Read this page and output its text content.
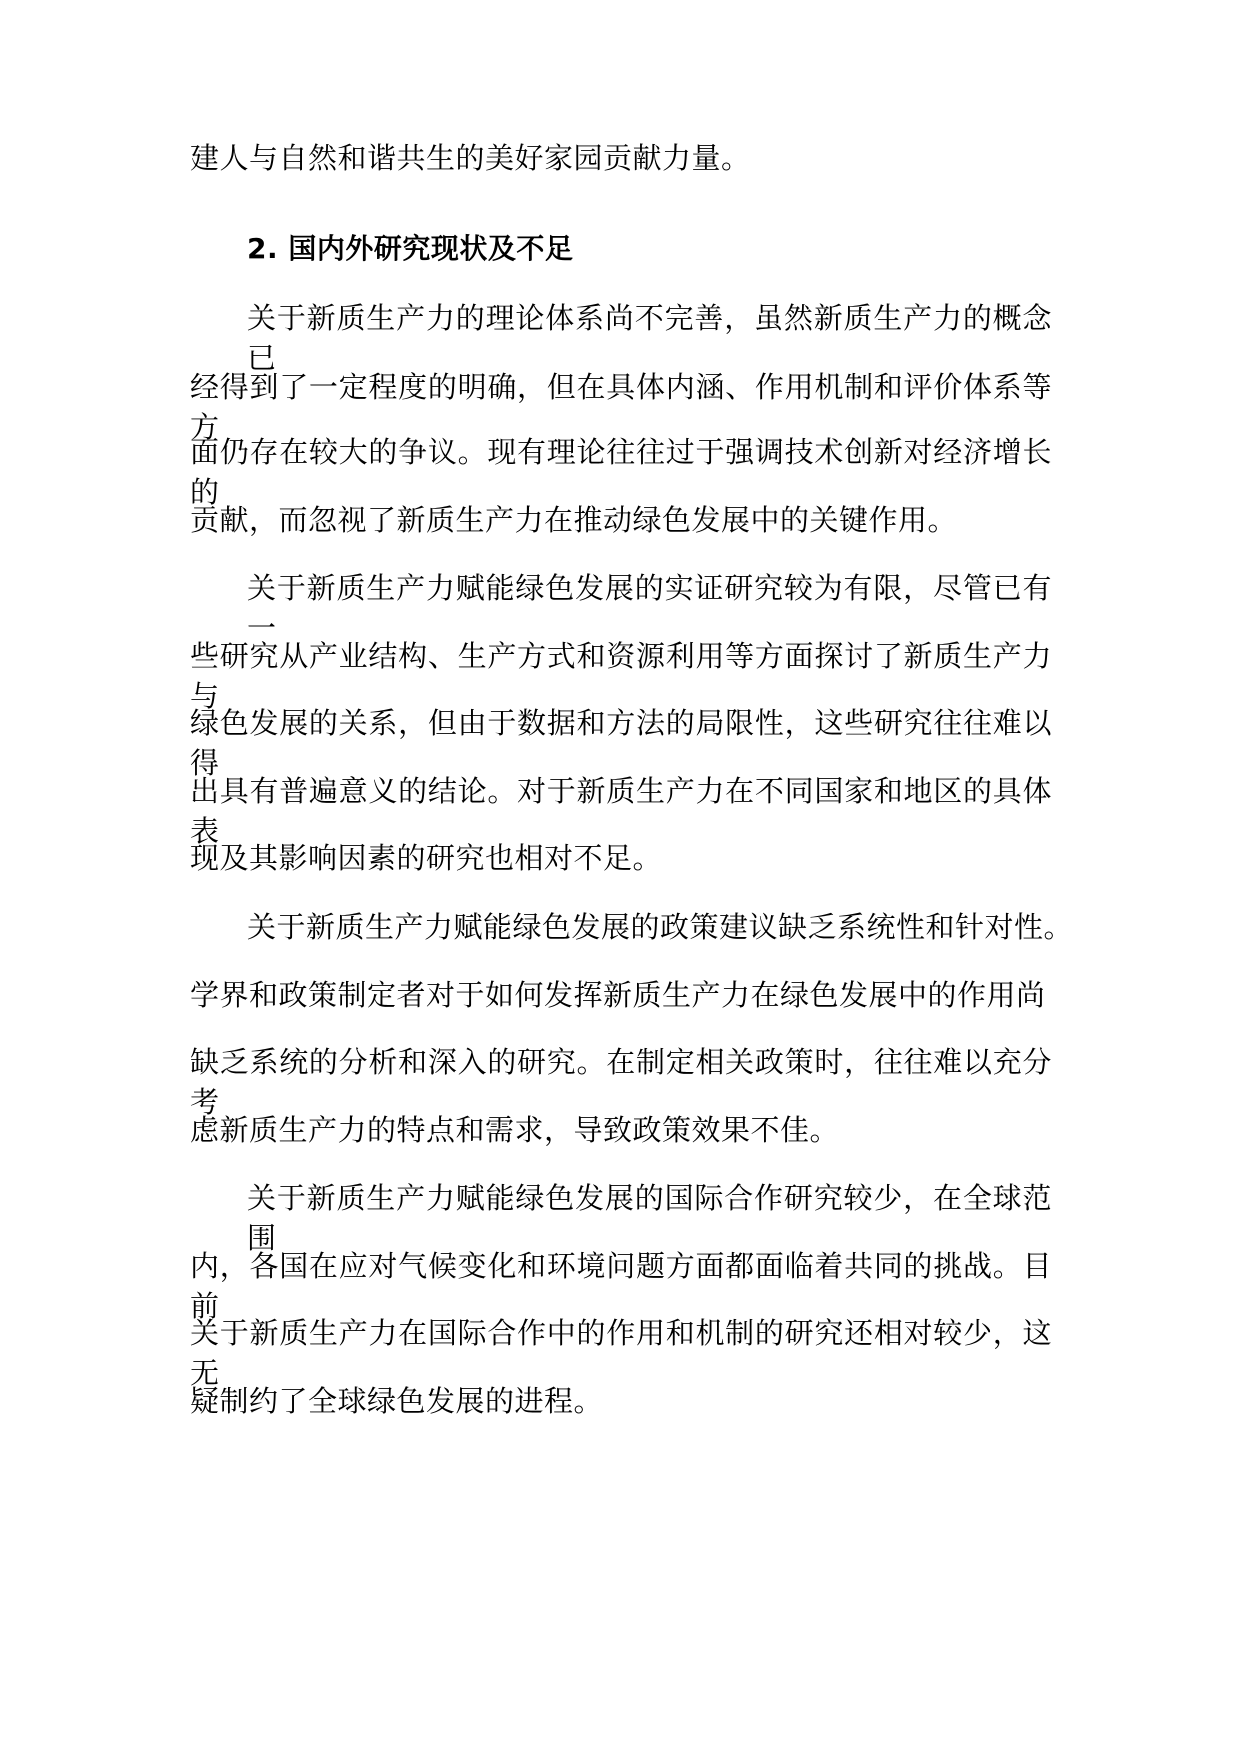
建人与自然和谐共生的美好家园贡献力量。
2. 国内外研究现状及不足
关于新质生产力的理论体系尚不完善，虽然新质生产力的概念已
经得到了一定程度的明确，但在具体内涵、作用机制和评价体系等方
面仍存在较大的争议。现有理论往往过于强调技术创新对经济增长的
贡献，而忽视了新质生产力在推动绿色发展中的关键作用。
关于新质生产力赋能绿色发展的实证研究较为有限，尽管已有一
些研究从产业结构、生产方式和资源利用等方面探讨了新质生产力与
绿色发展的关系，但由于数据和方法的局限性，这些研究往往难以得
出具有普遍意义的结论。对于新质生产力在不同国家和地区的具体表
现及其影响因素的研究也相对不足。
关于新质生产力赋能绿色发展的政策建议缺乏系统性和针对性。
学界和政策制定者对于如何发挥新质生产力在绿色发展中的作用尚
缺乏系统的分析和深入的研究。在制定相关政策时，往往难以充分考
虑新质生产力的特点和需求，导致政策效果不佳。
关于新质生产力赋能绿色发展的国际合作研究较少，在全球范围
内，各国在应对气候变化和环境问题方面都面临着共同的挑战。目前
关于新质生产力在国际合作中的作用和机制的研究还相对较少，这无
疑制约了全球绿色发展的进程。
